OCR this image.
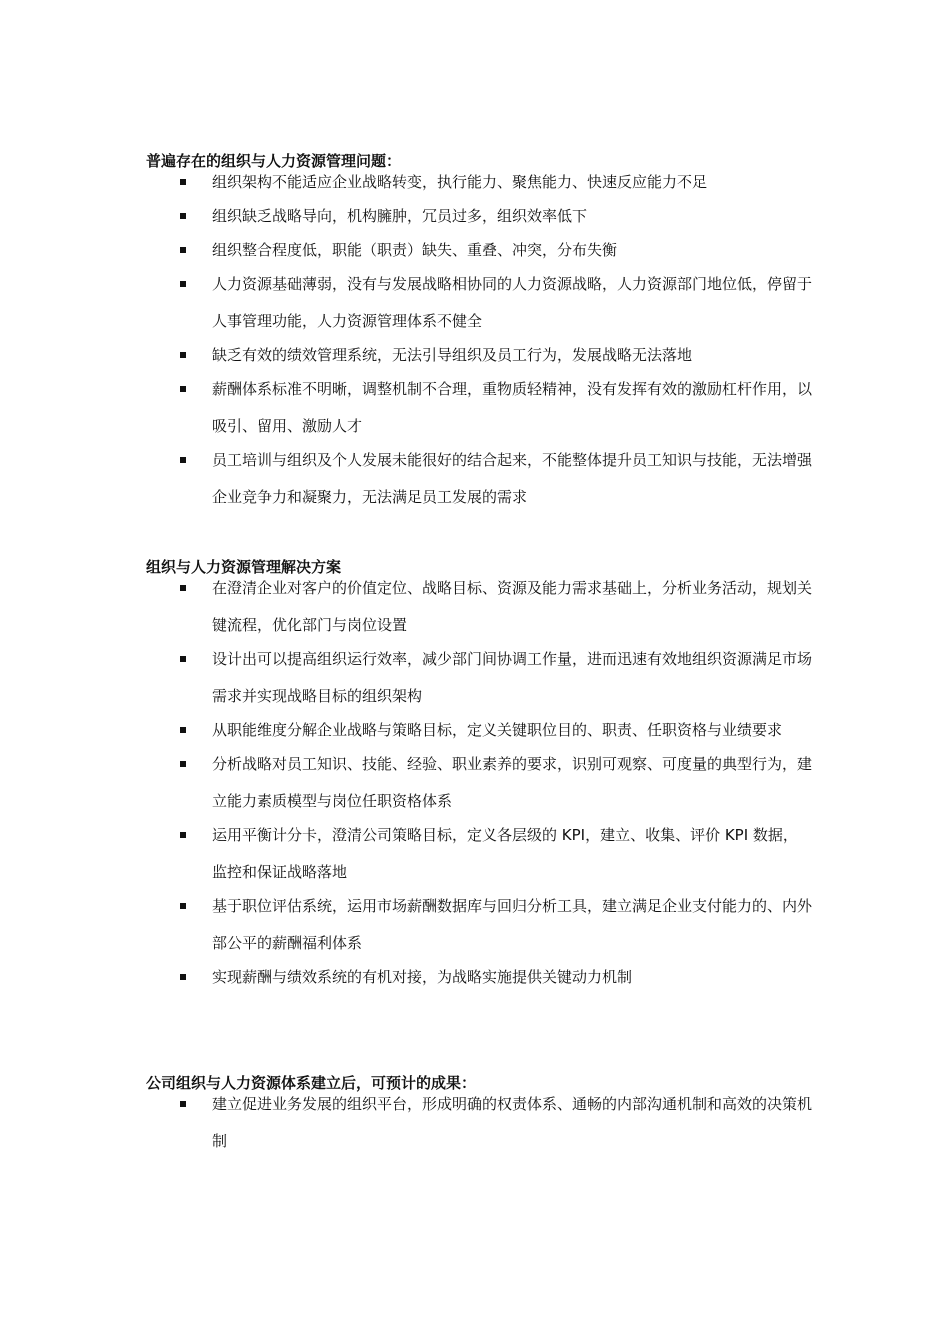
普遍存在的组织与人力资源管理问题：
组织架构不能适应企业战略转变，执行能力、聚焦能力、快速反应能力不足
组织缺乏战略导向，机构臃肿，冗员过多，组织效率低下
组织整合程度低，职能（职责）缺失、重叠、冲突，分布失衡
人力资源基础薄弱，没有与发展战略相协同的人力资源战略，人力资源部门地位低，停留于人事管理功能，人力资源管理体系不健全
缺乏有效的绩效管理系统，无法引导组织及员工行为，发展战略无法落地
薪酬体系标准不明晰，调整机制不合理，重物质轻精神，没有发挥有效的激励杠杆作用，以吸引、留用、激励人才
员工培训与组织及个人发展未能很好的结合起来，不能整体提升员工知识与技能，无法增强企业竞争力和凝聚力，无法满足员工发展的需求
组织与人力资源管理解决方案
在澄清企业对客户的价值定位、战略目标、资源及能力需求基础上，分析业务活动，规划关键流程，优化部门与岗位设置
设计出可以提高组织运行效率，减少部门间协调工作量，进而迅速有效地组织资源满足市场需求并实现战略目标的组织架构
从职能维度分解企业战略与策略目标，定义关键职位目的、职责、任职资格与业绩要求
分析战略对员工知识、技能、经验、职业素养的要求，识别可观察、可度量的典型行为，建立能力素质模型与岗位任职资格体系
运用平衡计分卡，澄清公司策略目标，定义各层级的 KPI，建立、收集、评价 KPI 数据，监控和保证战略落地
基于职位评估系统，运用市场薪酬数据库与回归分析工具，建立满足企业支付能力的、内外部公平的薪酬福利体系
实现薪酬与绩效系统的有机对接，为战略实施提供关键动力机制
公司组织与人力资源体系建立后，可预计的成果：
建立促进业务发展的组织平台，形成明确的权责体系、通畅的内部沟通机制和高效的决策机制
